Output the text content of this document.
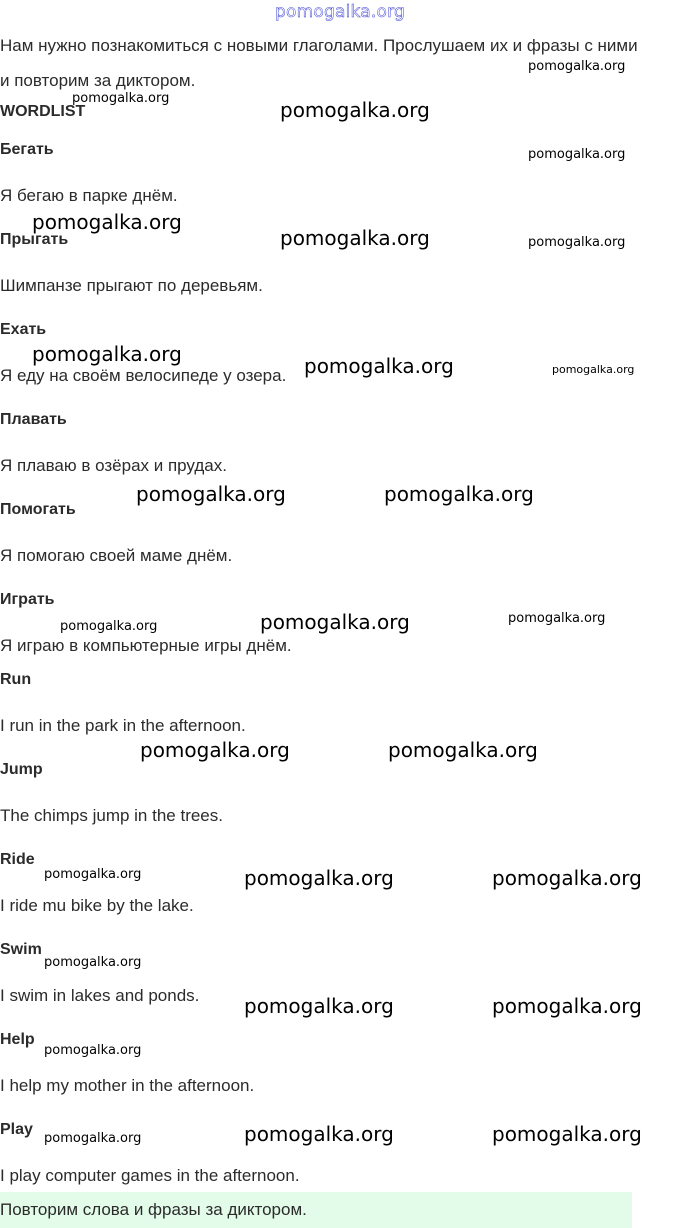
pomogalka.org
Нам нужно познакомиться с новыми глаголами. Прослушаем их и фразы с ними и повторим за диктором.
WORDLIST
Бегать
Я бегаю в парке днём.
Прыгать
Шимпанзе прыгают по деревьям.
Ехать
Я еду на своём велосипеде у озера.
Плавать
Я плаваю в озёрах и прудах.
Помогать
Я помогаю своей маме днём.
Играть
Я играю в компьютерные игры днём.
Run
I run in the park in the afternoon.
Jump
The chimps jump in the trees.
Ride
I ride mu bike by the lake.
Swim
I swim in lakes and ponds.
Help
I help my mother in the afternoon.
Play
I play computer games in the afternoon.
Повторим слова и фразы за диктором.
pomogalka.org
pomogalka.org	pomogalka.org
pomogalka.org
pomogalka.org
pomogalka.org	pomogalka.org
pomogalka.org	pomogalka.org	pomogalka.org
pomogalka.org	pomogalka.org
pomogalka.org
pomogalka.org
pomogalka.org
pomogalka.org	pomogalka.org
pomogalka.org	pomogalka.org	pomogalka.org
pomogalka.org
pomogalka.org	pomogalka.org
pomogalka.org
pomogalka.org	pomogalka.org	pomogalka.org
